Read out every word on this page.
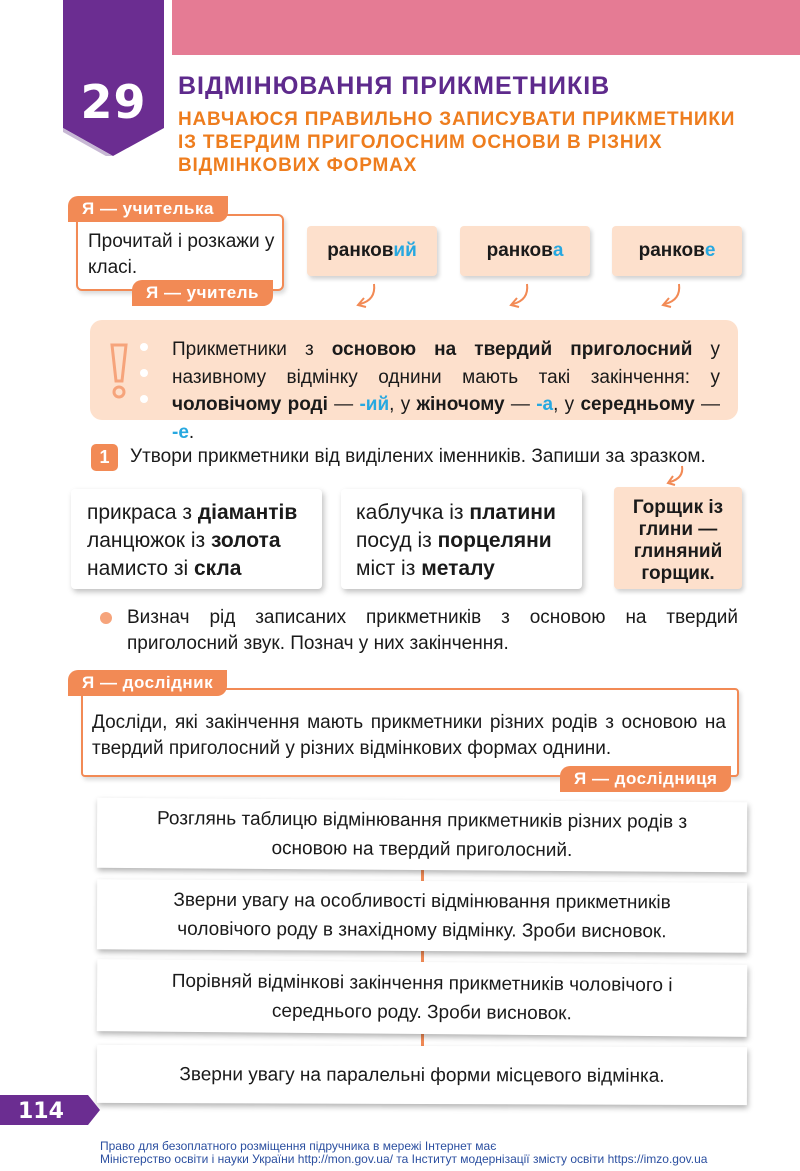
29	ВІДМІНЮВАННЯ ПРИКМЕТНИКІВ
НАВЧАЮСЯ ПРАВИЛЬНО ЗАПИСУВАТИ ПРИКМЕТНИКИ ІЗ ТВЕРДИМ ПРИГОЛОСНИМ ОСНОВИ В РІЗНИХ ВІДМІНКОВИХ ФОРМАХ
Я — учителька
Прочитай і розкажи у класі.
Я — учитель
ранков ий	ранков а	ранков е
Прикметники з основою на твердий приголосний у називному відмінку однини мають такі закінчення: у чоловічому роді — -ий, у жіночому — -а, у середньому — -е.
1	Утвори прикметники від виділених іменників. Запиши за зразком.
прикраса з діамантів
ланцюжок із золота
намисто зі скла
каблучка із платини
посуд із порцеляни
міст із металу
Горщик із глини — глиняний горщик.
Визнач рід записаних прикметників з основою на твердий приголосний звук. Познач у них закінчення.
Я — дослідник
Досліди, які закінчення мають прикметники різних родів з основою на твердий приголосний у різних відмінкових формах однини.
Я — дослідниця
Розглянь таблицю відмінювання прикметників різних родів з основою на твердий приголосний.
Зверни увагу на особливості відмінювання прикметників чоловічого роду в знахідному відмінку. Зроби висновок.
Порівняй відмінкові закінчення прикметників чоловічого і середнього роду. Зроби висновок.
Зверни увагу на паралельні форми місцевого відмінка.
114
Право для безоплатного розміщення підручника в мережі Інтернет має
Міністерство освіти і науки України http://mon.gov.ua/ та Інститут модернізації змісту освіти https://imzo.gov.ua
